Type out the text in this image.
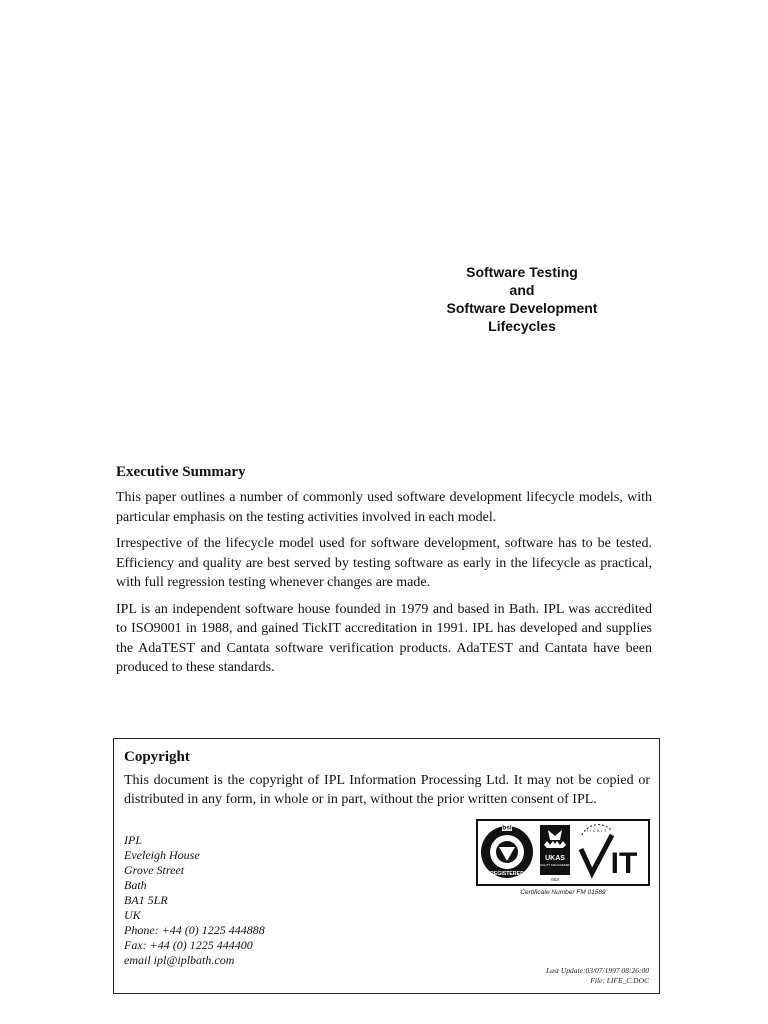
Software Testing
and
Software Development
Lifecycles
Executive Summary

This paper outlines a number of commonly used software development lifecycle models, with particular emphasis on the testing activities involved in each model.

Irrespective of the lifecycle model used for software development, software has to be tested. Efficiency and quality are best served by testing software as early in the lifecycle as practical, with full regression testing whenever changes are made.

IPL is an independent software house founded in 1979 and based in Bath. IPL was accredited to ISO9001 in 1988, and gained TickIT accreditation in 1991. IPL has developed and supplies the AdaTEST and Cantata software verification products. AdaTEST and Cantata have been produced to these standards.

Copyright

This document is the copyright of IPL Information Processing Ltd. It may not be copied or distributed in any form, in whole or in part, without the prior written consent of IPL.

IPL
Eveleigh House
Grove Street
Bath
BA1 5LR
UK
Phone: +44 (0) 1225 444888
Fax: +44 (0) 1225 444400
email ipl@iplbath.com
bsi
REGISTERED
UKAS
QUALITY MANAGEMENT
003
TICKIT
IT
Certificate Number FM 01589
Last Update:03/07/1997 08:26:00
File: LIFE_C.DOC
